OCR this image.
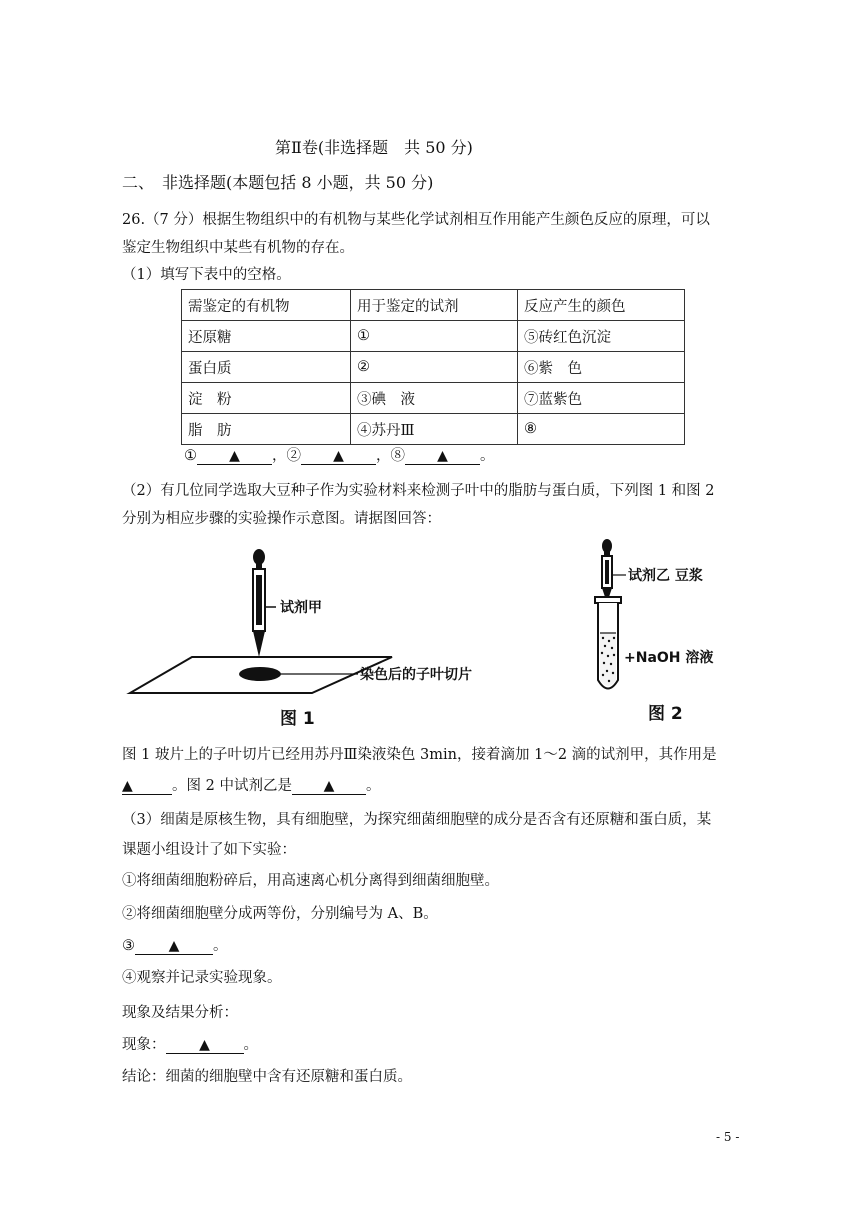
第Ⅱ卷(非选择题　共 50 分)
二、　非选择题(本题包括 8 小题，共 50 分)
26.（7 分）根据生物组织中的有机物与某些化学试剂相互作用能产生颜色反应的原理，可以
鉴定生物组织中某些有机物的存在。
（1）填写下表中的空格。
需鉴定的有机物	用于鉴定的试剂	反应产生的颜色
还原糖	①	⑤砖红色沉淀
蛋白质	②	⑥紫　色
淀　粉	③碘　液	⑦蓝紫色
脂　肪	④苏丹Ⅲ	⑧
① ▲ ，② ▲ ，⑧ ▲ 。
（2）有几位同学选取大豆种子作为实验材料来检测子叶中的脂肪与蛋白质，下列图 1 和图 2
分别为相应步骤的实验操作示意图。请据图回答：
试剂甲
染色后的子叶切片
图 1
试剂乙 豆浆
+NaOH 溶液
图 2
图 1 玻片上的子叶切片已经用苏丹Ⅲ染液染色 3min，接着滴加 1～2 滴的试剂甲，其作用是
▲	。图 2 中试剂乙是 ▲ 。
（3）细菌是原核生物，具有细胞壁，为探究细菌细胞壁的成分是否含有还原糖和蛋白质，某
课题小组设计了如下实验：
①将细菌细胞粉碎后，用高速离心机分离得到细菌细胞壁。
②将细菌细胞壁分成两等份，分别编号为 A、B。
③ ▲ 。
④观察并记录实验现象。
现象及结果分析：
现象： ▲ 。
结论：细菌的细胞壁中含有还原糖和蛋白质。
- 5 -
